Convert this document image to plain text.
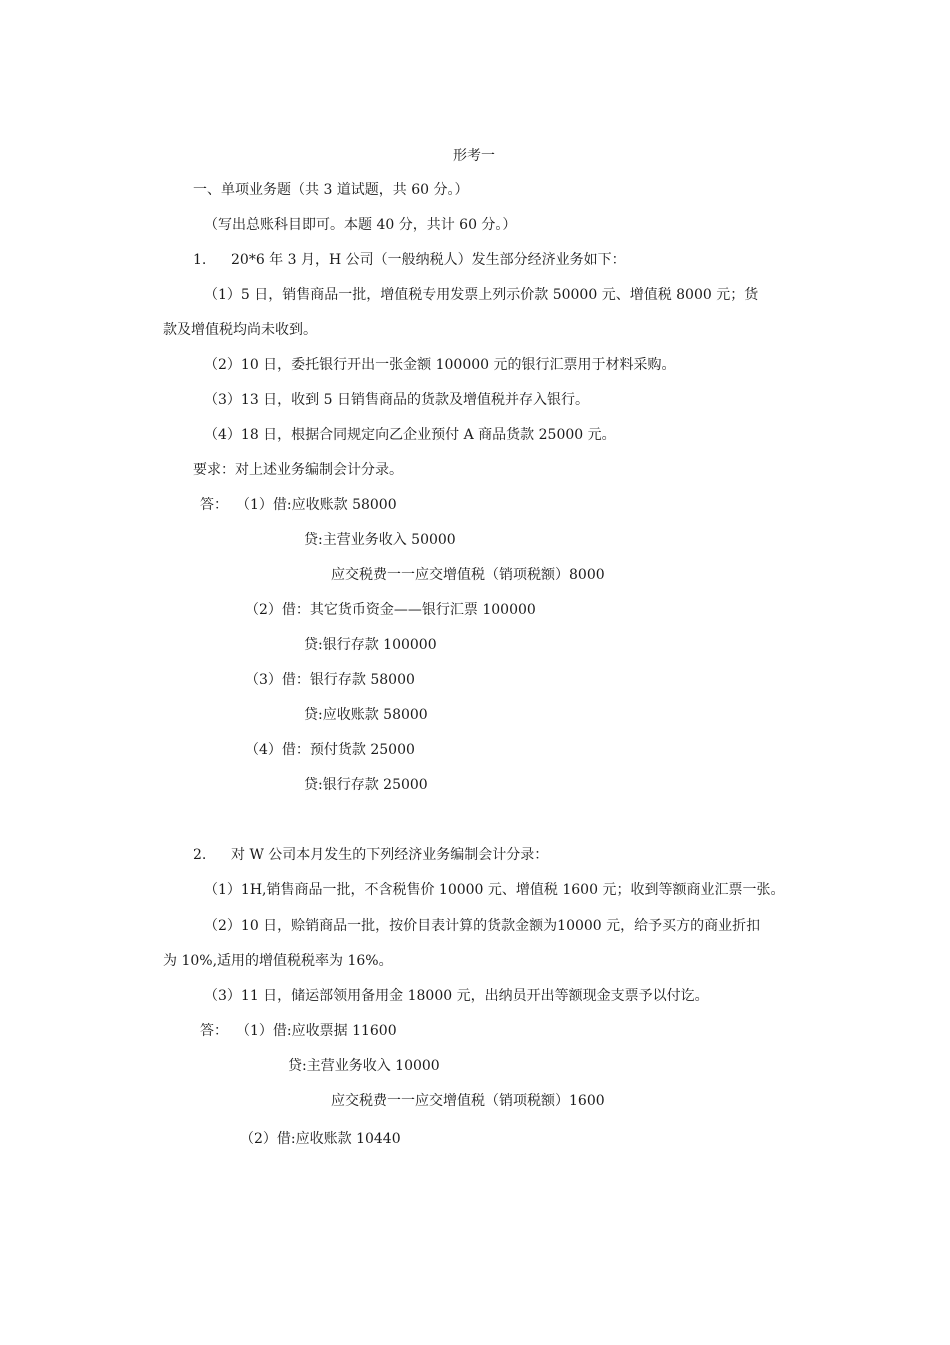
形考一
一、单项业务题（共 3 道试题，共 60 分。）
（写出总账科目即可。本题 40 分，共计 60 分。）
1. 20*6 年 3 月，H 公司（一般纳税人）发生部分经济业务如下：
（1）5 日，销售商品一批，增值税专用发票上列示价款 50000 元、增值税 8000 元；货
款及增值税均尚未收到。
（2）10 日，委托银行开出一张金额 100000 元的银行汇票用于材料采购。
（3）13 日，收到 5 日销售商品的货款及增值税并存入银行。
（4）18 日，根据合同规定向乙企业预付 A 商品货款 25000 元。
要求：对上述业务编制会计分录。
答： （1）借:应收账款 58000
贷:主营业务收入 50000
应交税费一一应交增值税（销项税额）8000
（2）借：其它货币资金——银行汇票 100000
贷:银行存款 100000
（3）借：银行存款 58000
贷:应收账款 58000
（4）借：预付货款 25000
贷:银行存款 25000
2. 对 W 公司本月发生的下列经济业务编制会计分录：
（1）1H,销售商品一批，不含税售价 10000 元、增值税 1600 元；收到等额商业汇票一张。
（2）10 日，赊销商品一批，按价目表计算的货款金额为10000 元，给予买方的商业折扣
为 10%,适用的增值税税率为 16%。
（3）11 日，储运部领用备用金 18000 元，出纳员开出等额现金支票予以付讫。
答： （1）借:应收票据 11600
贷:主营业务收入 10000
应交税费一一应交增值税（销项税额）1600
（2）借:应收账款 10440
